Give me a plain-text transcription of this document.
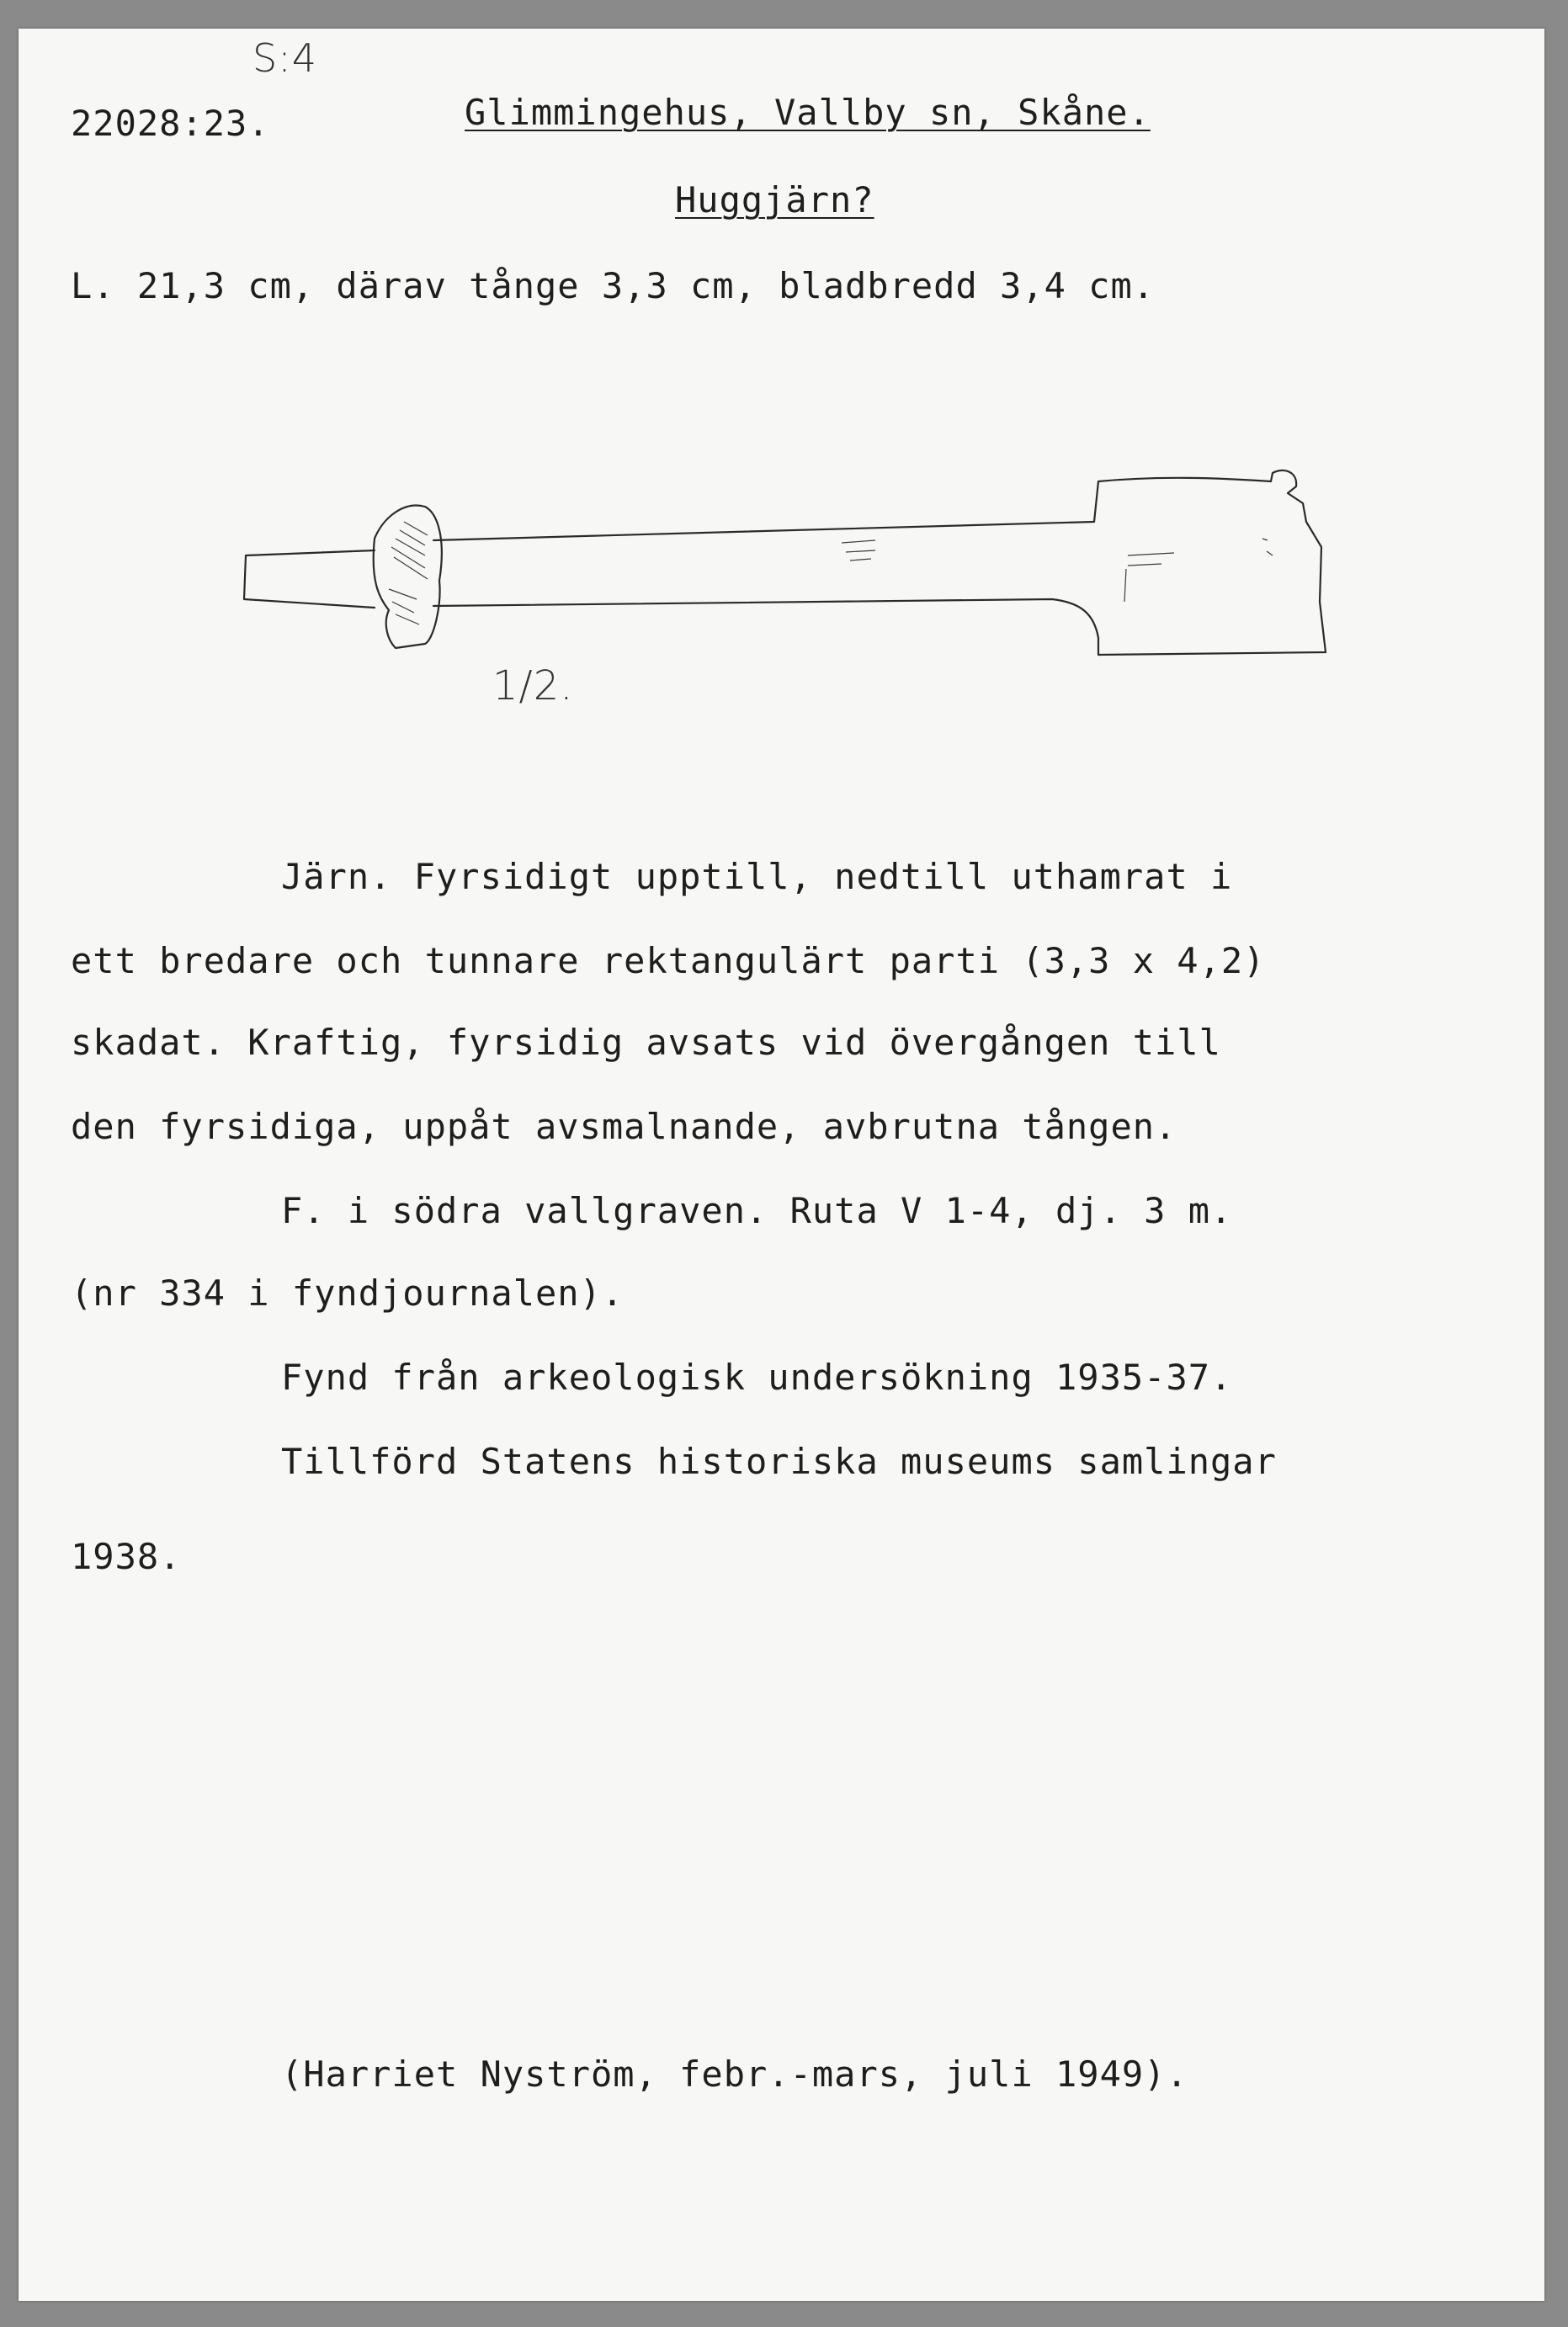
S:4
22028:23.	Glimmingehus, Vallby sn, Skåne.
Huggjärn?
L. 21,3 cm, därav tånge 3,3 cm, bladbredd 3,4 cm.
1/2.
Järn. Fyrsidigt upptill, nedtill uthamrat i
ett bredare och tunnare rektangulärt parti (3,3 x 4,2)
skadat. Kraftig, fyrsidig avsats vid övergången till
den fyrsidiga, uppåt avsmalnande, avbrutna tången.
F. i södra vallgraven. Ruta V 1-4, dj. 3 m.
(nr 334 i fyndjournalen).
Fynd från arkeologisk undersökning 1935-37.
Tillförd Statens historiska museums samlingar
1938.
(Harriet Nyström, febr.-mars, juli 1949).
